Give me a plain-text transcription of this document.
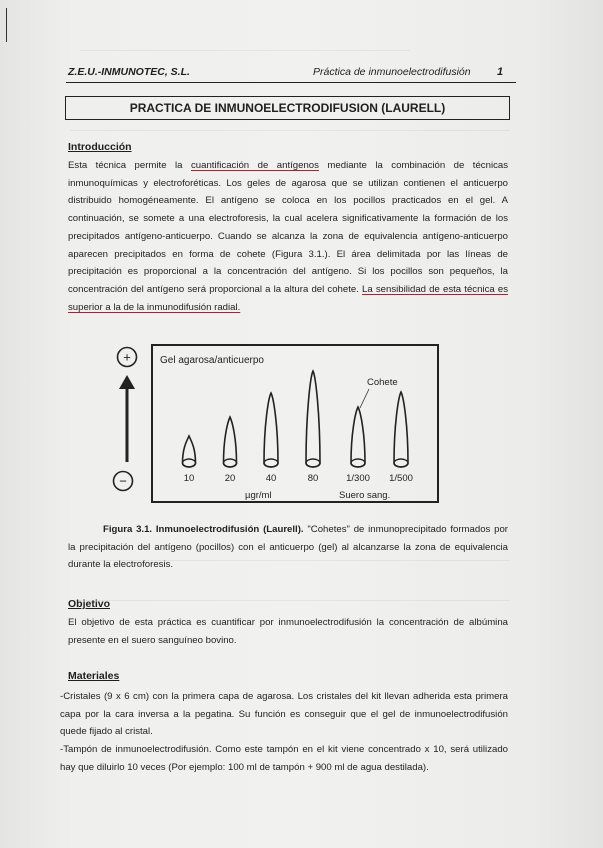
Z.E.U.-INMUNOTEC, S.L.	Práctica de inmunoelectrodifusión 1
PRACTICA DE INMUNOELECTRODIFUSION (LAURELL)
Introducción
Esta técnica permite la cuantificación de antígenos mediante la combinación de técnicas inmunoquímicas y electroforéticas. Los geles de agarosa que se utilizan contienen el anticuerpo distribuido homogéneamente. El antígeno se coloca en los pocillos practicados en el gel. A continuación, se somete a una electroforesis, la cual acelera significativamente la formación de los precipitados antígeno-anticuerpo. Cuando se alcanza la zona de equivalencia antígeno-anticuerpo aparecen precipitados en forma de cohete (Figura 3.1.). El área delimitada por las líneas de precipitación es proporcional a la concentración del antígeno. Si los pocillos son pequeños, la concentración del antígeno será proporcional a la altura del cohete. La sensibilidad de esta técnica es superior a la de la inmunodifusión radial.
+
−
Gel agarosa/anticuerpo
Cohete
10	20	40	80	1/300 1/500
µgr/ml	Suero sang.
Figura 3.1. Inmunoelectrodifusión (Laurell). "Cohetes" de inmunoprecipitado formados por la precipitación del antígeno (pocillos) con el anticuerpo (gel) al alcanzarse la zona de equivalencia durante la electroforesis.
Objetivo
El objetivo de esta práctica es cuantificar por inmunoelectrodifusión la concentración de albúmina presente en el suero sanguíneo bovino.
Materiales

-Cristales (9 x 6 cm) con la primera capa de agarosa. Los cristales del kit llevan adherida esta primera capa por la cara inversa a la pegatina. Su función es conseguir que el gel de inmunoelectrodifusión quede fijado al cristal.

-Tampón de inmunoelectrodifusión. Como este tampón en el kit viene concentrado x 10, será utilizado hay que diluirlo 10 veces (Por ejemplo: 100 ml de tampón + 900 ml de agua destilada).
